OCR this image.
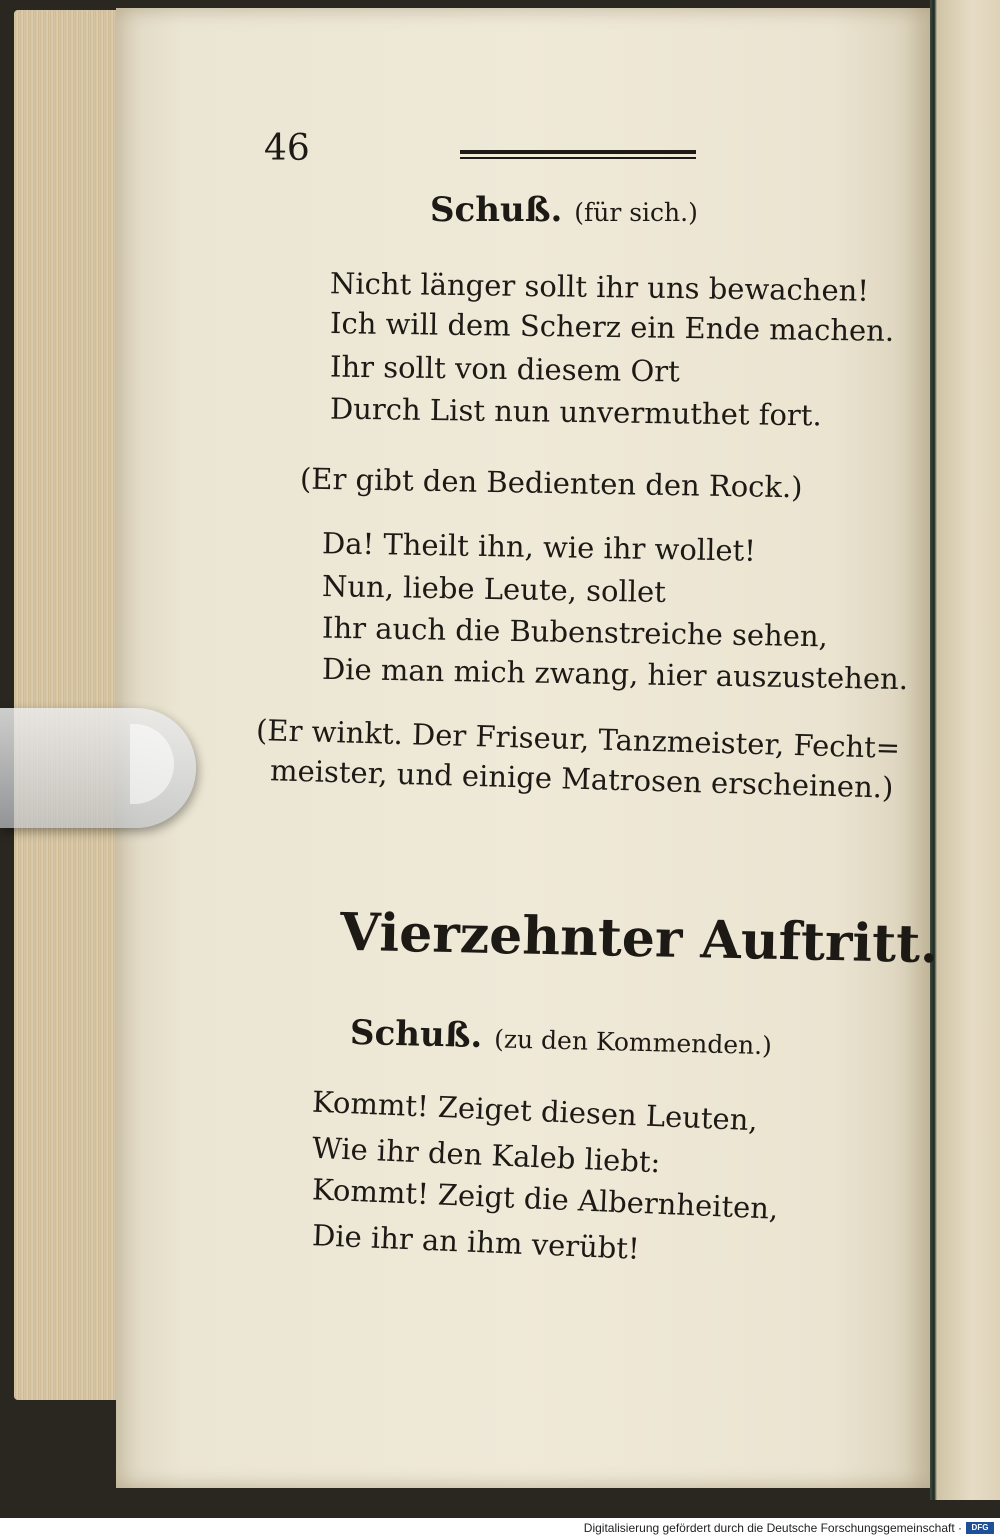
46
Schuß. (für sich.)
Nicht länger sollt ihr uns bewachen!
Ich will dem Scherz ein Ende machen.
Ihr sollt von diesem Ort
Durch List nun unvermuthet fort.
(Er gibt den Bedienten den Rock.)
Da! Theilt ihn, wie ihr wollet!
Nun, liebe Leute, sollet
Ihr auch die Bubenstreiche sehen,
Die man mich zwang, hier auszustehen.
(Er winkt. Der Friseur, Tanzmeister, Fecht=
meister, und einige Matrosen erscheinen.)
Vierzehnter Auftritt.
Schuß. (zu den Kommenden.)
Kommt! Zeiget diesen Leuten,
Wie ihr den Kaleb liebt:
Kommt! Zeigt die Albernheiten,
Die ihr an ihm verübt!
Digitalisierung gefördert durch die Deutsche Forschungsgemeinschaft ·	DFG
